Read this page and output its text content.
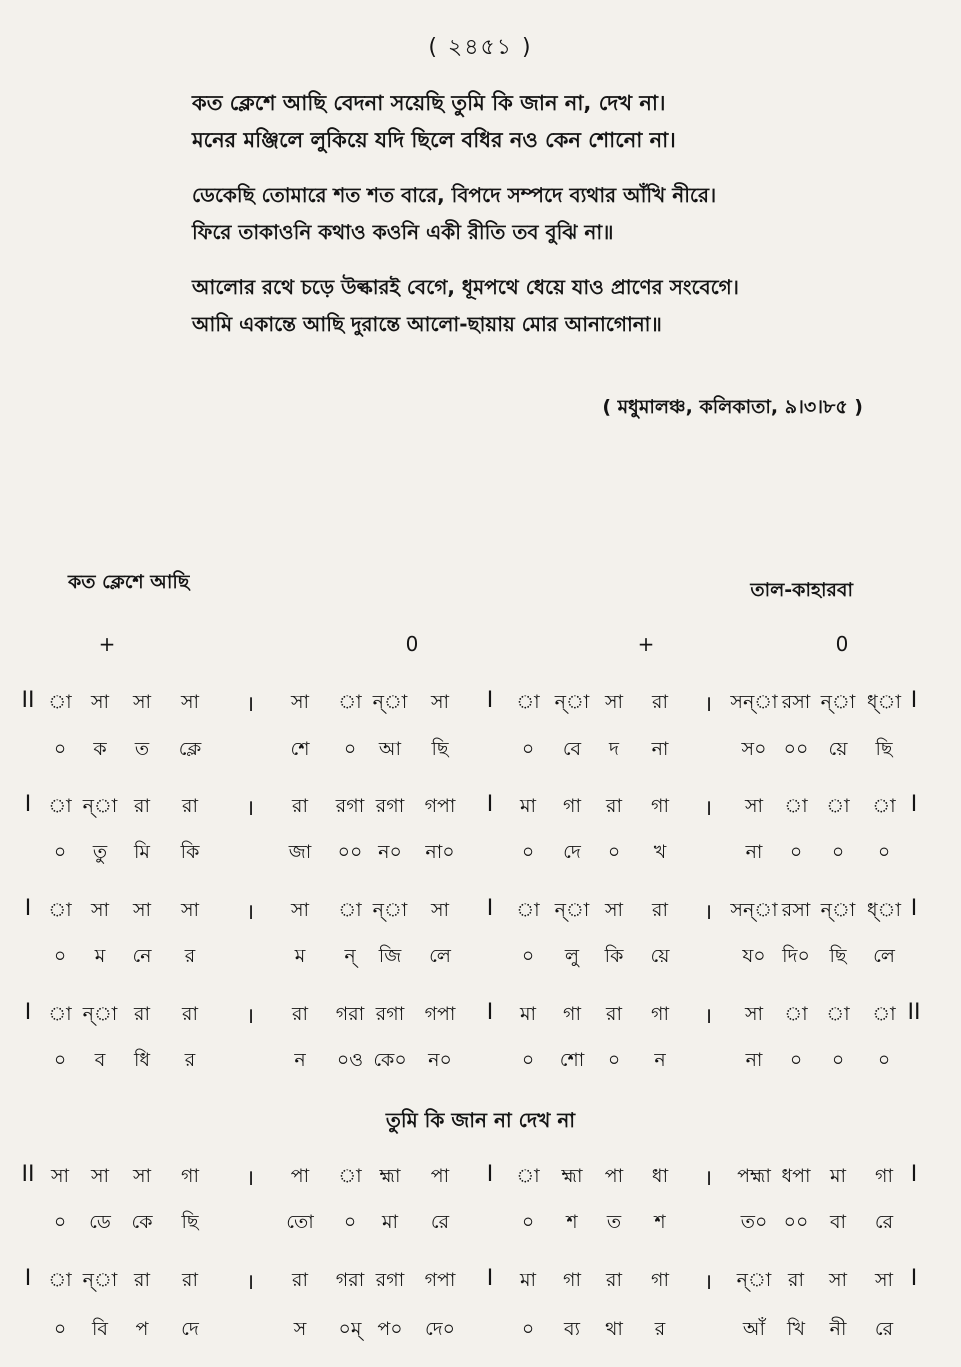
( ২৪৫১ )
কত ক্লেশে আছি বেদনা সয়েছি তুমি কি জান না, দেখ না।
মনের মঞ্জিলে লুকিয়ে যদি ছিলে বধির নও কেন শোনো না।
ডেকেছি তোমারে শত শত বারে, বিপদে সম্পদে ব্যথার আঁখি নীরে।
ফিরে তাকাওনি কথাও কওনি একী রীতি তব বুঝি না॥
আলোর রথে চড়ে উল্কারই বেগে, ধূমপথে ধেয়ে যাও প্রাণের সংবেগে।
আমি একান্তে আছি দুরান্তে আলো-ছায়ায় মোর আনাগোনা॥
( মধুমালঞ্চ, কলিকাতা, ৯।৩।৮৫ )
কত ক্লেশে আছি	তাল-কাহারবা
+	0	+	0
তুমি কি জান না দেখ না
II া সা সা সা । সা া ন্া সা I া ন্া সা রা । সন্া রসা ন্া ধ্া I
০ ক ত ক্লে	শে ০ আ ছি	০ বে দ না	স০ ০০ য়ে ছি
I া ন্া রা রা । রা রগা রগা গপা I মা গা রা গা । সা া া া I
০ তু মি কি	জা ০০ ন০ না০	০ দে ০ খ	না ০ ০ ০
I া সা সা সা । সা া ন্া সা I া ন্া সা রা । সন্া রসা ন্া ধ্া I
০ ম নে র	ম ন্ জি লে	০ লু কি য়ে	য০ দি০ ছি লে
I া ন্া রা রা । রা গরা রগা গপা I মা গা রা গা । সা া া া II
০ ব ধি র	ন ০ও কে০ ন০	০ শো ০ ন	না ০ ০ ০
II সা সা সা গা । পা া হ্মা পা I া হ্মা পা ধা । পহ্মা ধপা মা গা I
০ ডে কে ছি	তো ০ মা রে	০ শ ত শ	ত০ ০০ বা রে
I া ন্া রা রা । রা গরা রগা গপা I মা গা রা গা । ন্া রা সা সা I
০ বি প দে	স ০ম্ প০ দে০	০ ব্য থা র	আঁ খি নী রে
